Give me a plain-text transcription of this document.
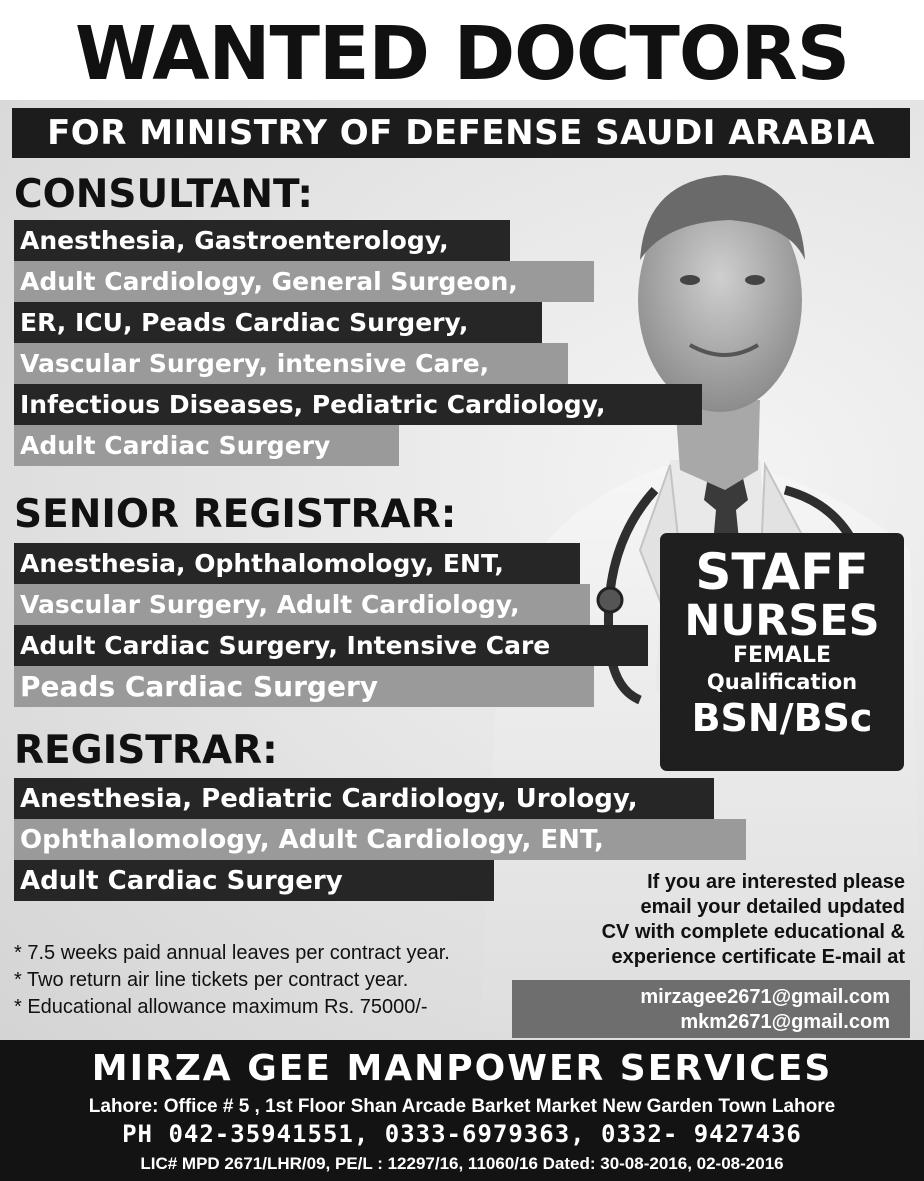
WANTED DOCTORS
FOR MINISTRY OF DEFENSE SAUDI ARABIA
CONSULTANT:
Anesthesia, Gastroenterology,
Adult Cardiology, General Surgeon,
ER, ICU, Peads Cardiac Surgery,
Vascular Surgery, intensive Care,
Infectious Diseases, Pediatric Cardiology,
Adult Cardiac Surgery
SENIOR REGISTRAR:
Anesthesia, Ophthalomology, ENT,
Vascular Surgery, Adult Cardiology,
Adult Cardiac Surgery, Intensive Care
Peads Cardiac Surgery
REGISTRAR:
Anesthesia, Pediatric Cardiology, Urology,
Ophthalomology, Adult Cardiology, ENT,
Adult Cardiac Surgery
STAFF
NURSES
FEMALE
Qualification
BSN/BSc
If you are interested please
email your detailed updated
CV with complete educational &
experience certificate E-mail at
mirzagee2671@gmail.com
mkm2671@gmail.com
* 7.5 weeks paid annual leaves per contract year.
* Two return air line tickets per contract year.
* Educational allowance maximum Rs. 75000/-
MIRZA GEE MANPOWER SERVICES
Lahore: Office # 5 , 1st Floor Shan Arcade Barket Market New Garden Town Lahore
PH 042-35941551, 0333-6979363, 0332- 9427436
LIC# MPD 2671/LHR/09, PE/L : 12297/16, 11060/16 Dated: 30-08-2016, 02-08-2016
